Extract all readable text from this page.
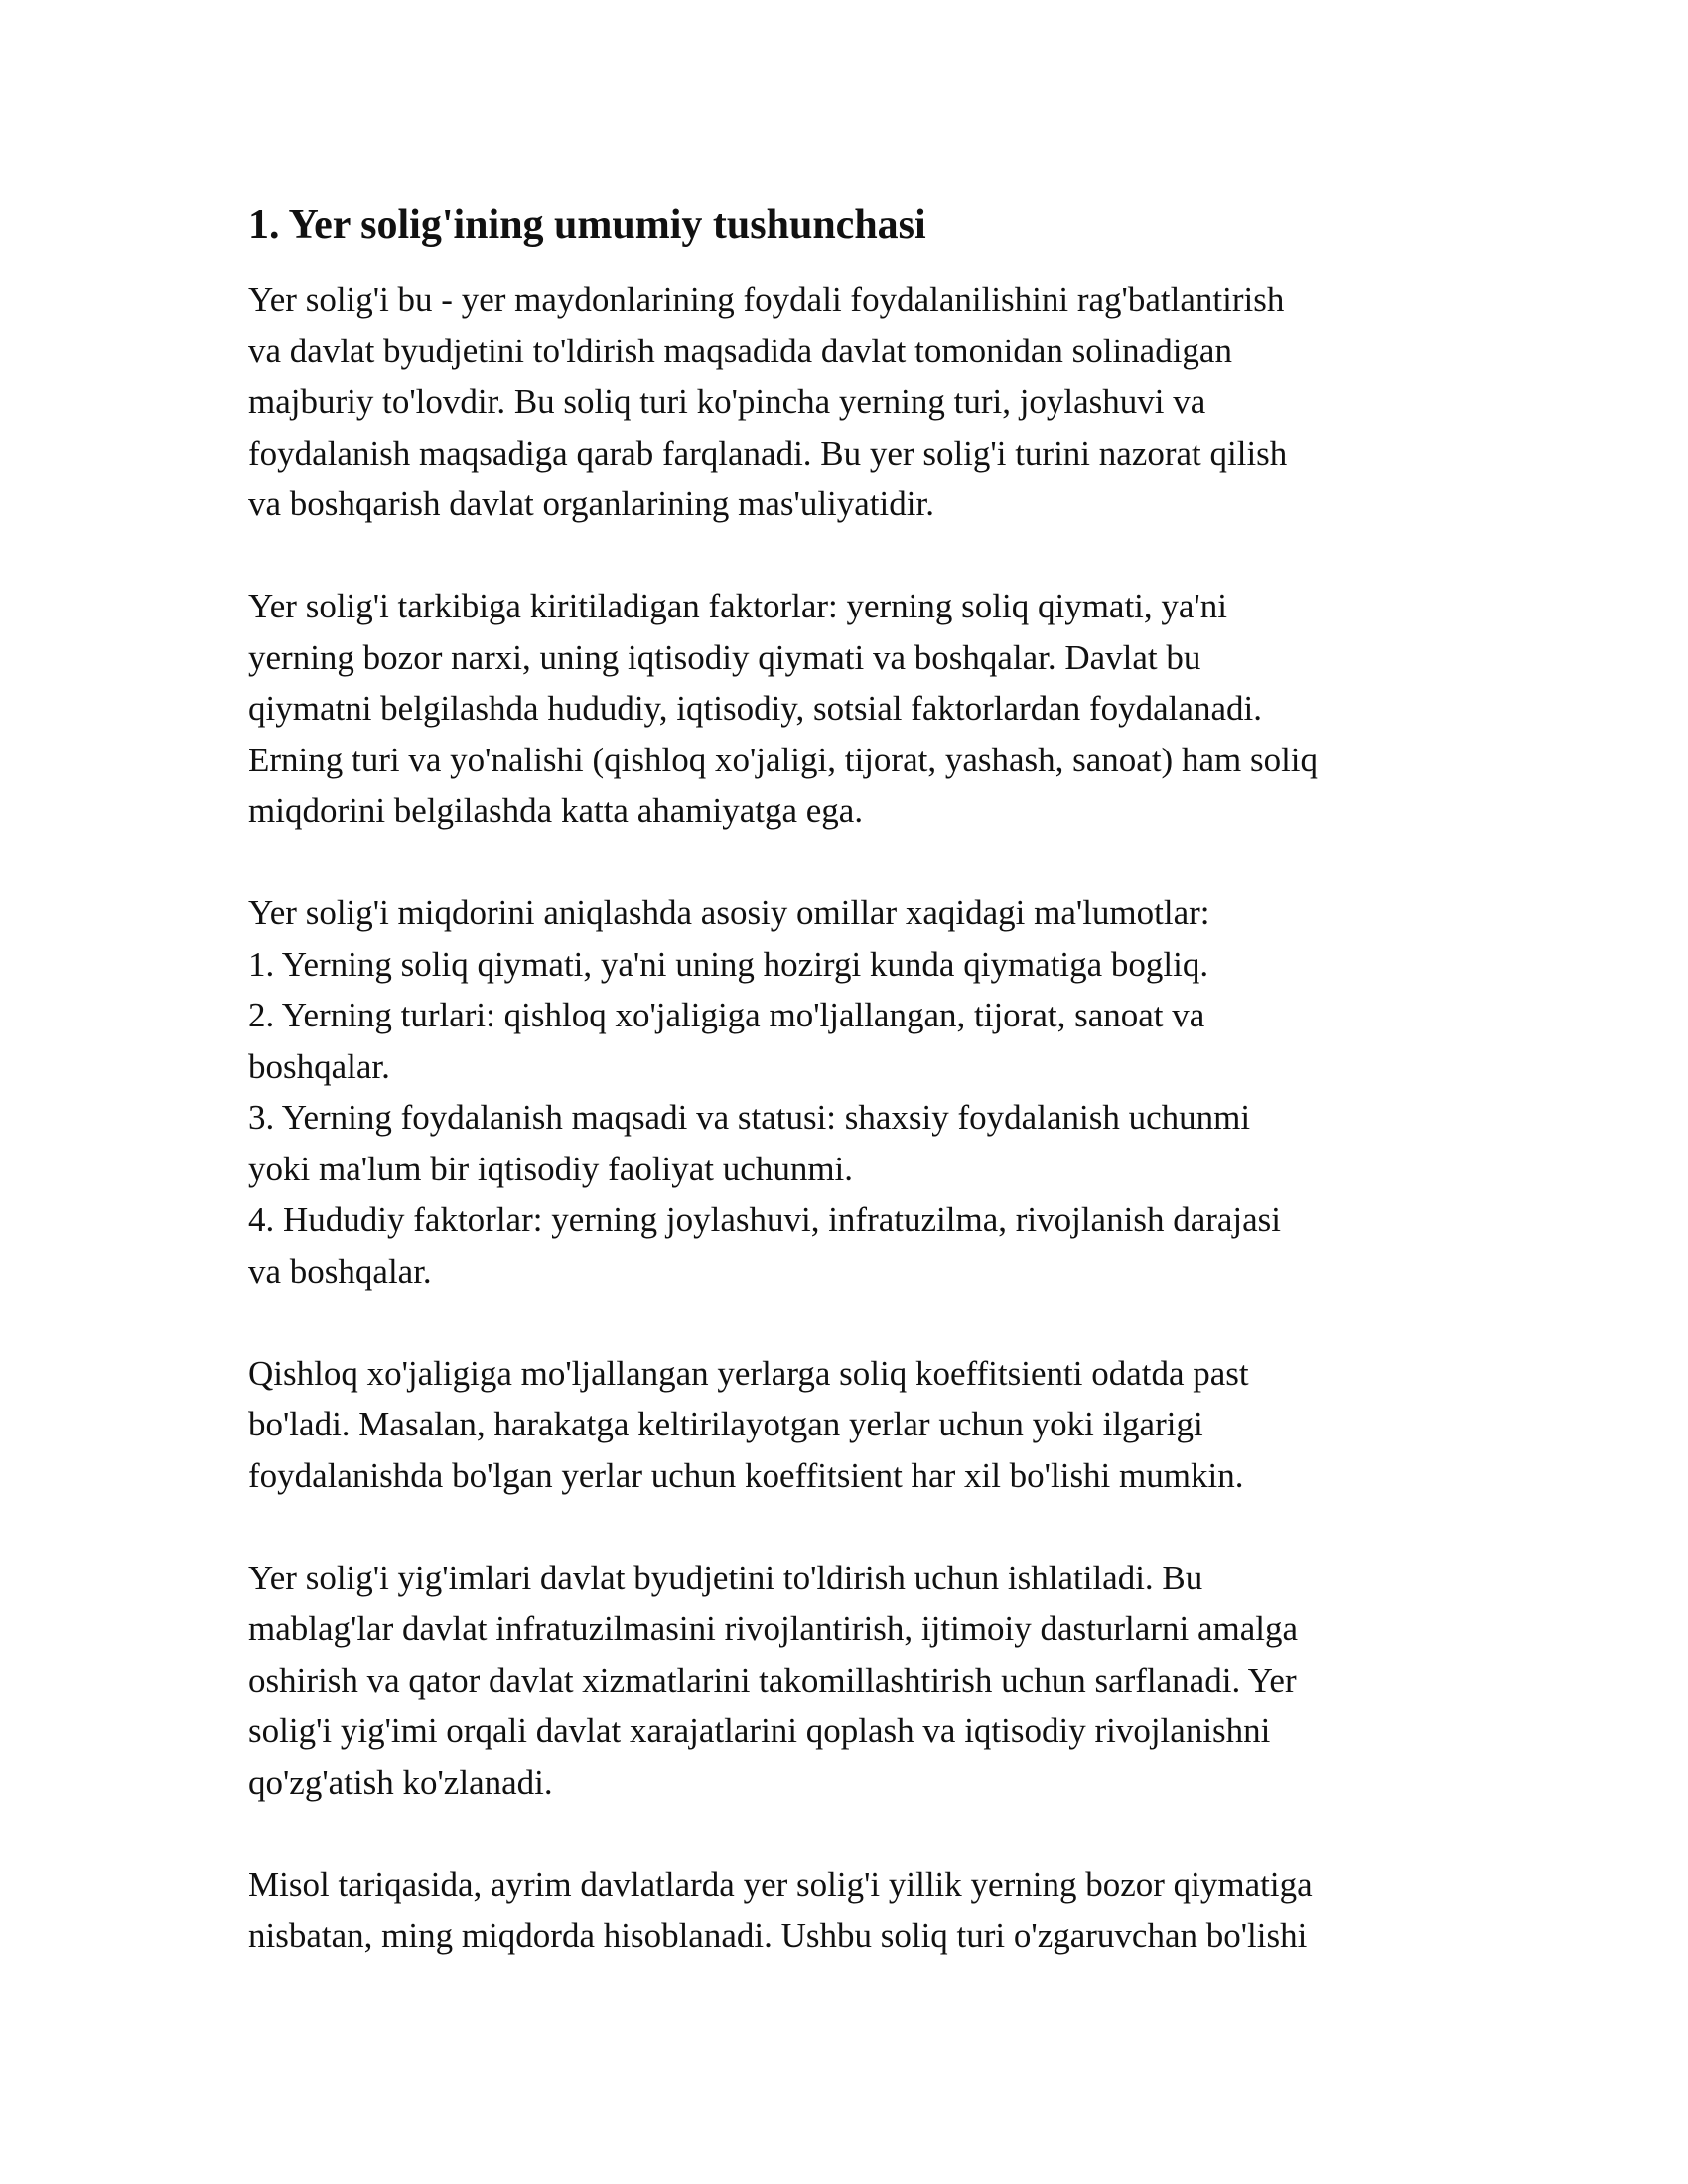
1. Yer solig'ining umumiy tushunchasi

Yer solig'i bu - yer maydonlarining foydali foydalanilishini rag'batlantirish
va davlat byudjetini to'ldirish maqsadida davlat tomonidan solinadigan
majburiy to'lovdir. Bu soliq turi ko'pincha yerning turi, joylashuvi va
foydalanish maqsadiga qarab farqlanadi. Bu yer solig'i turini nazorat qilish
va boshqarish davlat organlarining mas'uliyatidir.

Yer solig'i tarkibiga kiritiladigan faktorlar: yerning soliq qiymati, ya'ni
yerning bozor narxi, uning iqtisodiy qiymati va boshqalar. Davlat bu
qiymatni belgilashda hududiy, iqtisodiy, sotsial faktorlardan foydalanadi.
Erning turi va yo'nalishi (qishloq xo'jaligi, tijorat, yashash, sanoat) ham soliq
miqdorini belgilashda katta ahamiyatga ega.

Yer solig'i miqdorini aniqlashda asosiy omillar xaqidagi ma'lumotlar:
1. Yerning soliq qiymati, ya'ni uning hozirgi kunda qiymatiga bogliq.
2. Yerning turlari: qishloq xo'jaligiga mo'ljallangan, tijorat, sanoat va
boshqalar.
3. Yerning foydalanish maqsadi va statusi: shaxsiy foydalanish uchunmi
yoki ma'lum bir iqtisodiy faoliyat uchunmi.
4. Hududiy faktorlar: yerning joylashuvi, infratuzilma, rivojlanish darajasi
va boshqalar.

Qishloq xo'jaligiga mo'ljallangan yerlarga soliq koeffitsienti odatda past
bo'ladi. Masalan, harakatga keltirilayotgan yerlar uchun yoki ilgarigi
foydalanishda bo'lgan yerlar uchun koeffitsient har xil bo'lishi mumkin.

Yer solig'i yig'imlari davlat byudjetini to'ldirish uchun ishlatiladi. Bu
mablag'lar davlat infratuzilmasini rivojlantirish, ijtimoiy dasturlarni amalga
oshirish va qator davlat xizmatlarini takomillashtirish uchun sarflanadi. Yer
solig'i yig'imi orqali davlat xarajatlarini qoplash va iqtisodiy rivojlanishni
qo'zg'atish ko'zlanadi.

Misol tariqasida, ayrim davlatlarda yer solig'i yillik yerning bozor qiymatiga
nisbatan, ming miqdorda hisoblanadi. Ushbu soliq turi o'zgaruvchan bo'lishi
